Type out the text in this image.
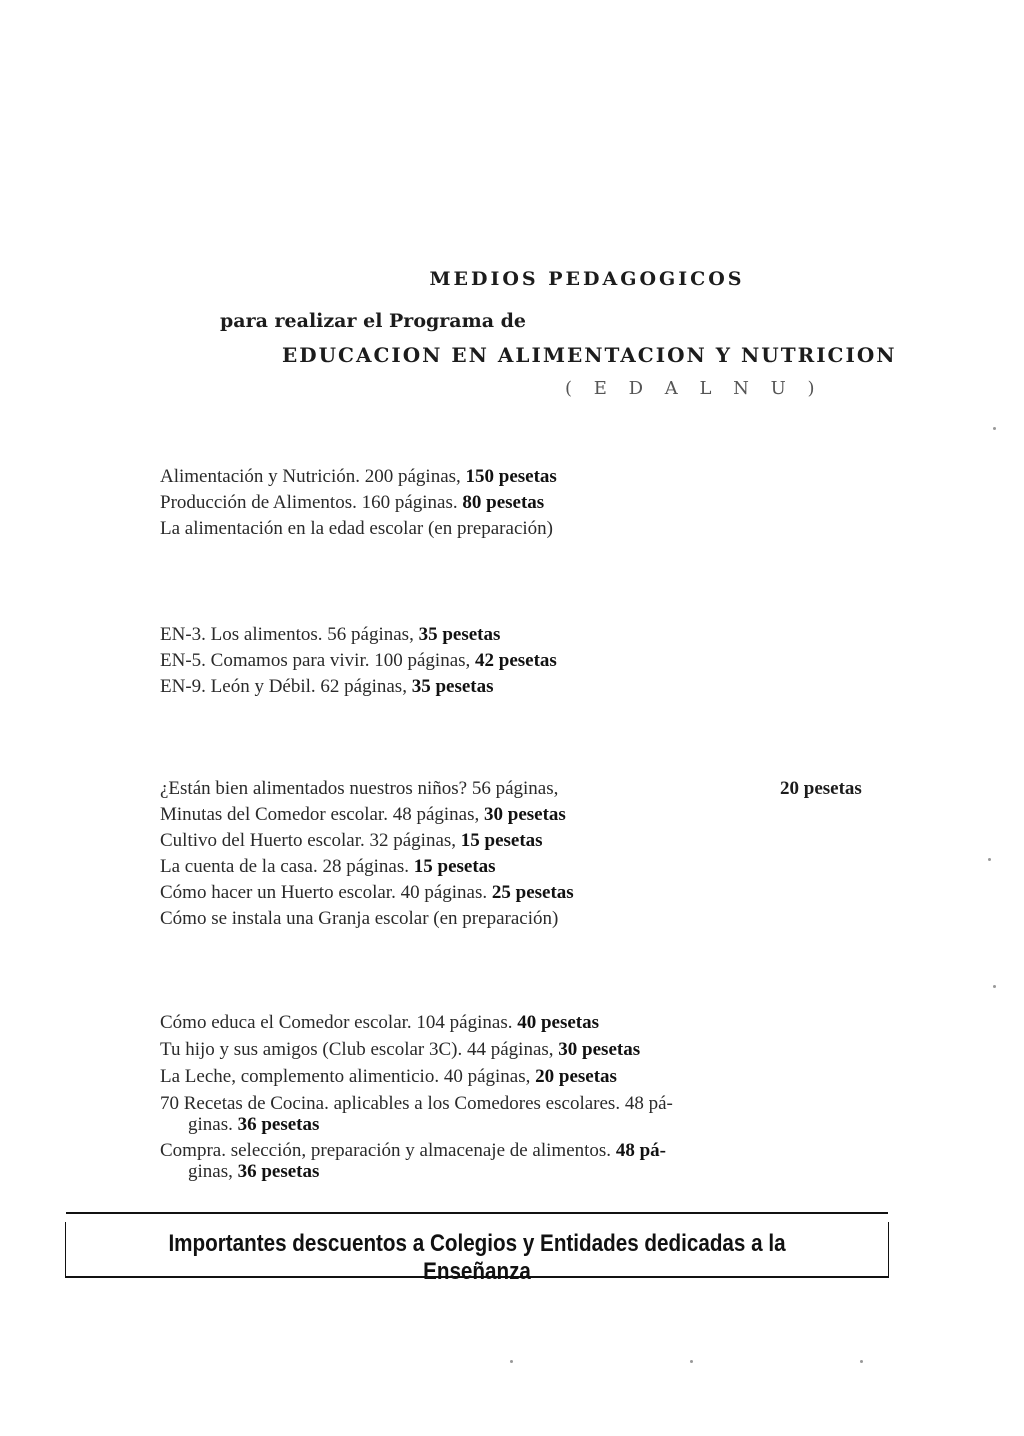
MEDIOS PEDAGOGICOS
para realizar el Programa de
EDUCACION EN ALIMENTACION Y NUTRICION
( E D A L N U )
Alimentación y Nutrición. 200 páginas, 150 pesetas
Producción de Alimentos. 160 páginas. 80 pesetas
La alimentación en la edad escolar (en preparación)
EN-3. Los alimentos. 56 páginas, 35 pesetas
EN-5. Comamos para vivir. 100 páginas, 42 pesetas
EN-9. León y Débil. 62 páginas, 35 pesetas
¿Están bien alimentados nuestros niños? 56 páginas,	20 pesetas
Minutas del Comedor escolar. 48 páginas, 30 pesetas
Cultivo del Huerto escolar. 32 páginas, 15 pesetas
La cuenta de la casa. 28 páginas. 15 pesetas
Cómo hacer un Huerto escolar. 40 páginas. 25 pesetas
Cómo se instala una Granja escolar (en preparación)
Cómo educa el Comedor escolar. 104 páginas. 40 pesetas
Tu hijo y sus amigos (Club escolar 3C). 44 páginas, 30 pesetas
La Leche, complemento alimenticio. 40 páginas, 20 pesetas
70 Recetas de Cocina. aplicables a los Comedores escolares. 48 pá-
ginas. 36 pesetas
Compra. selección, preparación y almacenaje de alimentos. 48 pá-
ginas, 36 pesetas
Importantes descuentos a Colegios y Entidades dedicadas a la Enseñanza
